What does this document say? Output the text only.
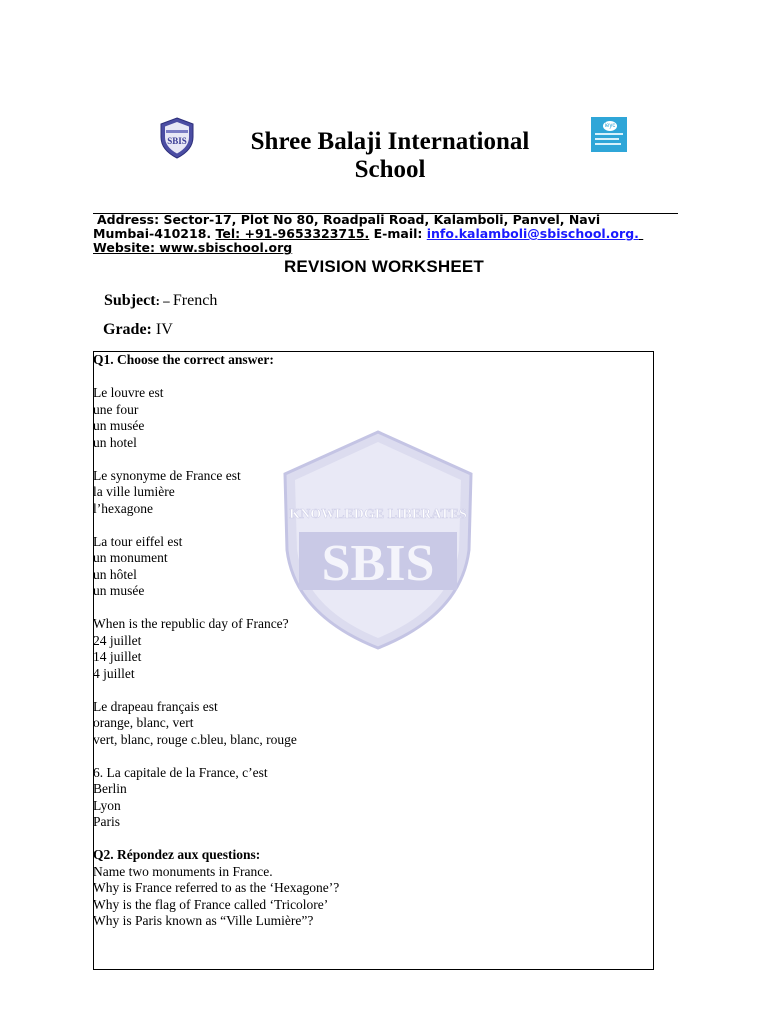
SBIS
ieyc
Shree Balaji International
School
Address: Sector-17, Plot No 80, Roadpali Road, Kalamboli, Panvel, Navi
Mumbai-410218. Tel: +91-9653323715. E-mail: info.kalamboli@sbischool.org.
Website: www.sbischool.org
REVISION WORKSHEET
Subject: – French
Grade: IV
KNOWLEDGE LIBERATES
SBIS
Q1. Choose the correct answer:
Le louvre est
une four
un musée
un hotel
Le synonyme de France est
la ville lumière
l’hexagone
La tour eiffel est
un monument
un hôtel
un musée
When is the republic day of France?
24 juillet
14 juillet
4 juillet
Le drapeau français est
orange, blanc, vert
vert, blanc, rouge c.bleu, blanc, rouge
6. La capitale de la France, c’est
Berlin
Lyon
Paris
Q2. Répondez aux questions:
Name two monuments in France.
Why is France referred to as the ‘Hexagone’?
Why is the flag of France called ‘Tricolore’
Why is Paris known as “Ville Lumière”?
